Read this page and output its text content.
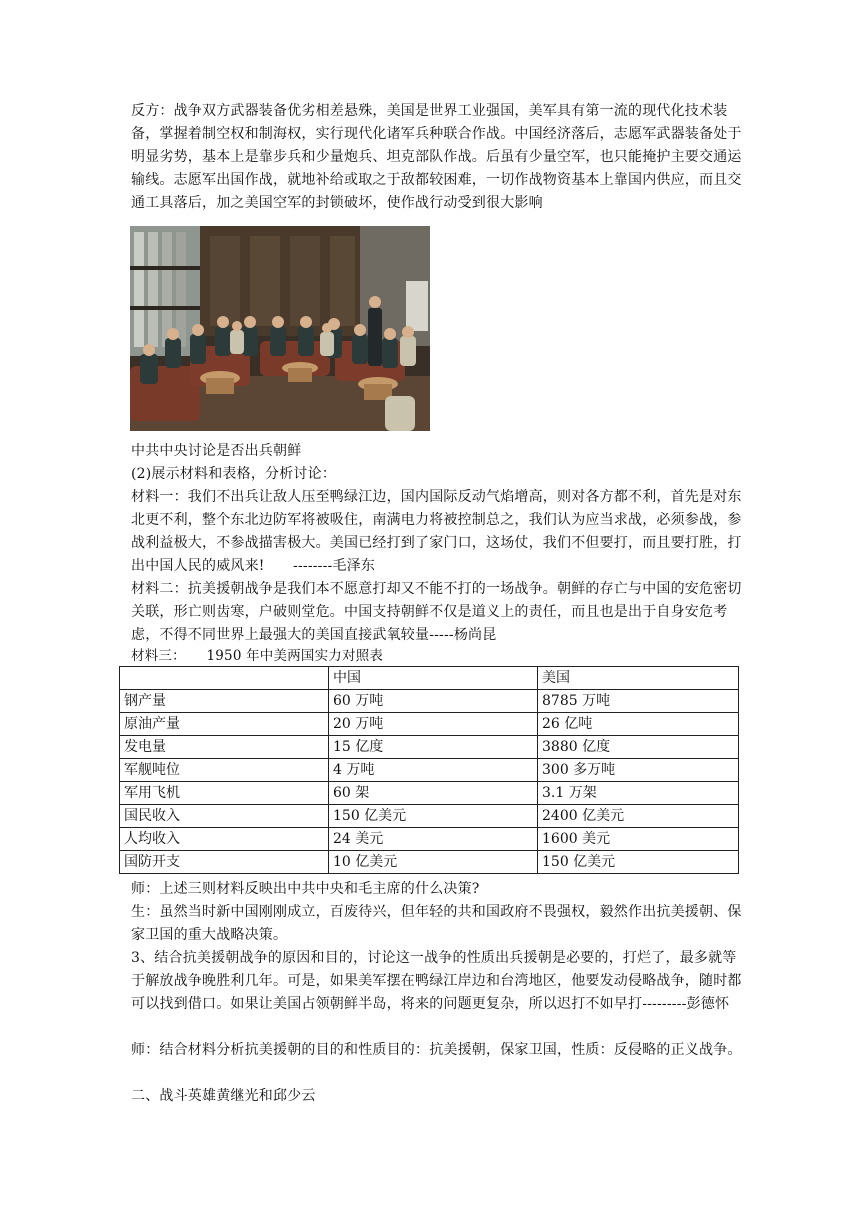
反方：战争双方武器装备优劣相差悬殊，美国是世界工业强国，美军具有第一流的现代化技术装备，掌握着制空权和制海权，实行现代化诸军兵种联合作战。中国经济落后，志愿军武器装备处于明显劣势，基本上是靠步兵和少量炮兵、坦克部队作战。后虽有少量空军，也只能掩护主要交通运输线。志愿军出国作战，就地补给或取之于敌都较困难，一切作战物资基本上靠国内供应，而且交通工具落后，加之美国空军的封锁破坏，使作战行动受到很大影响

中共中央讨论是否出兵朝鲜

(2)展示材料和表格，分析讨论：

材料一：我们不出兵让敌人压至鸭绿江边，国内国际反动气焰增高，则对各方都不利，首先是对东北更不利，整个东北边防军将被吸住，南满电力将被控制总之，我们认为应当求战，必须参战，参战利益极大，不参战描害极大。美国已经打到了家门口，这场仗，我们不但要打，而且要打胜，打出中国人民的威风来!　　--------毛泽东

材料二：抗美援朝战争是我们本不愿意打却又不能不打的一场战争。朝鲜的存亡与中国的安危密切关联，形亡则齿寒，户破则堂危。中国支持朝鲜不仅是道义上的责任，而且也是出于自身安危考虑，不得不同世界上最强大的美国直接武氧较量-----杨尚昆

材料三：　　1950 年中美两国实力对照表

	中国	美国
钢产量	60 万吨	8785 万吨
原油产量	20 万吨	26 亿吨
发电量	15 亿度	3880 亿度
军舰吨位	4 万吨	300 多万吨
军用飞机	60 架	3.1 万架
国民收入	150 亿美元	2400 亿美元
人均收入	24 美元	1600 美元
国防开支	10 亿美元	150 亿美元

师：上述三则材料反映出中共中央和毛主席的什么决策?

生：虽然当时新中国刚刚成立，百废待兴，但年轻的共和国政府不畏强权，毅然作出抗美援朝、保家卫国的重大战略决策。

3、结合抗美援朝战争的原因和目的，讨论这一战争的性质出兵援朝是必要的，打烂了，最多就等于解放战争晚胜利几年。可是，如果美军摆在鸭绿江岸边和台湾地区，他要发动侵略战争，随时都可以找到借口。如果让美国占领朝鲜半岛，将来的问题更复杂，所以迟打不如早打---------彭德怀

师：结合材料分析抗美援朝的目的和性质目的：抗美援朝，保家卫国，性质：反侵略的正义战争。

二、战斗英雄黄继光和邱少云
